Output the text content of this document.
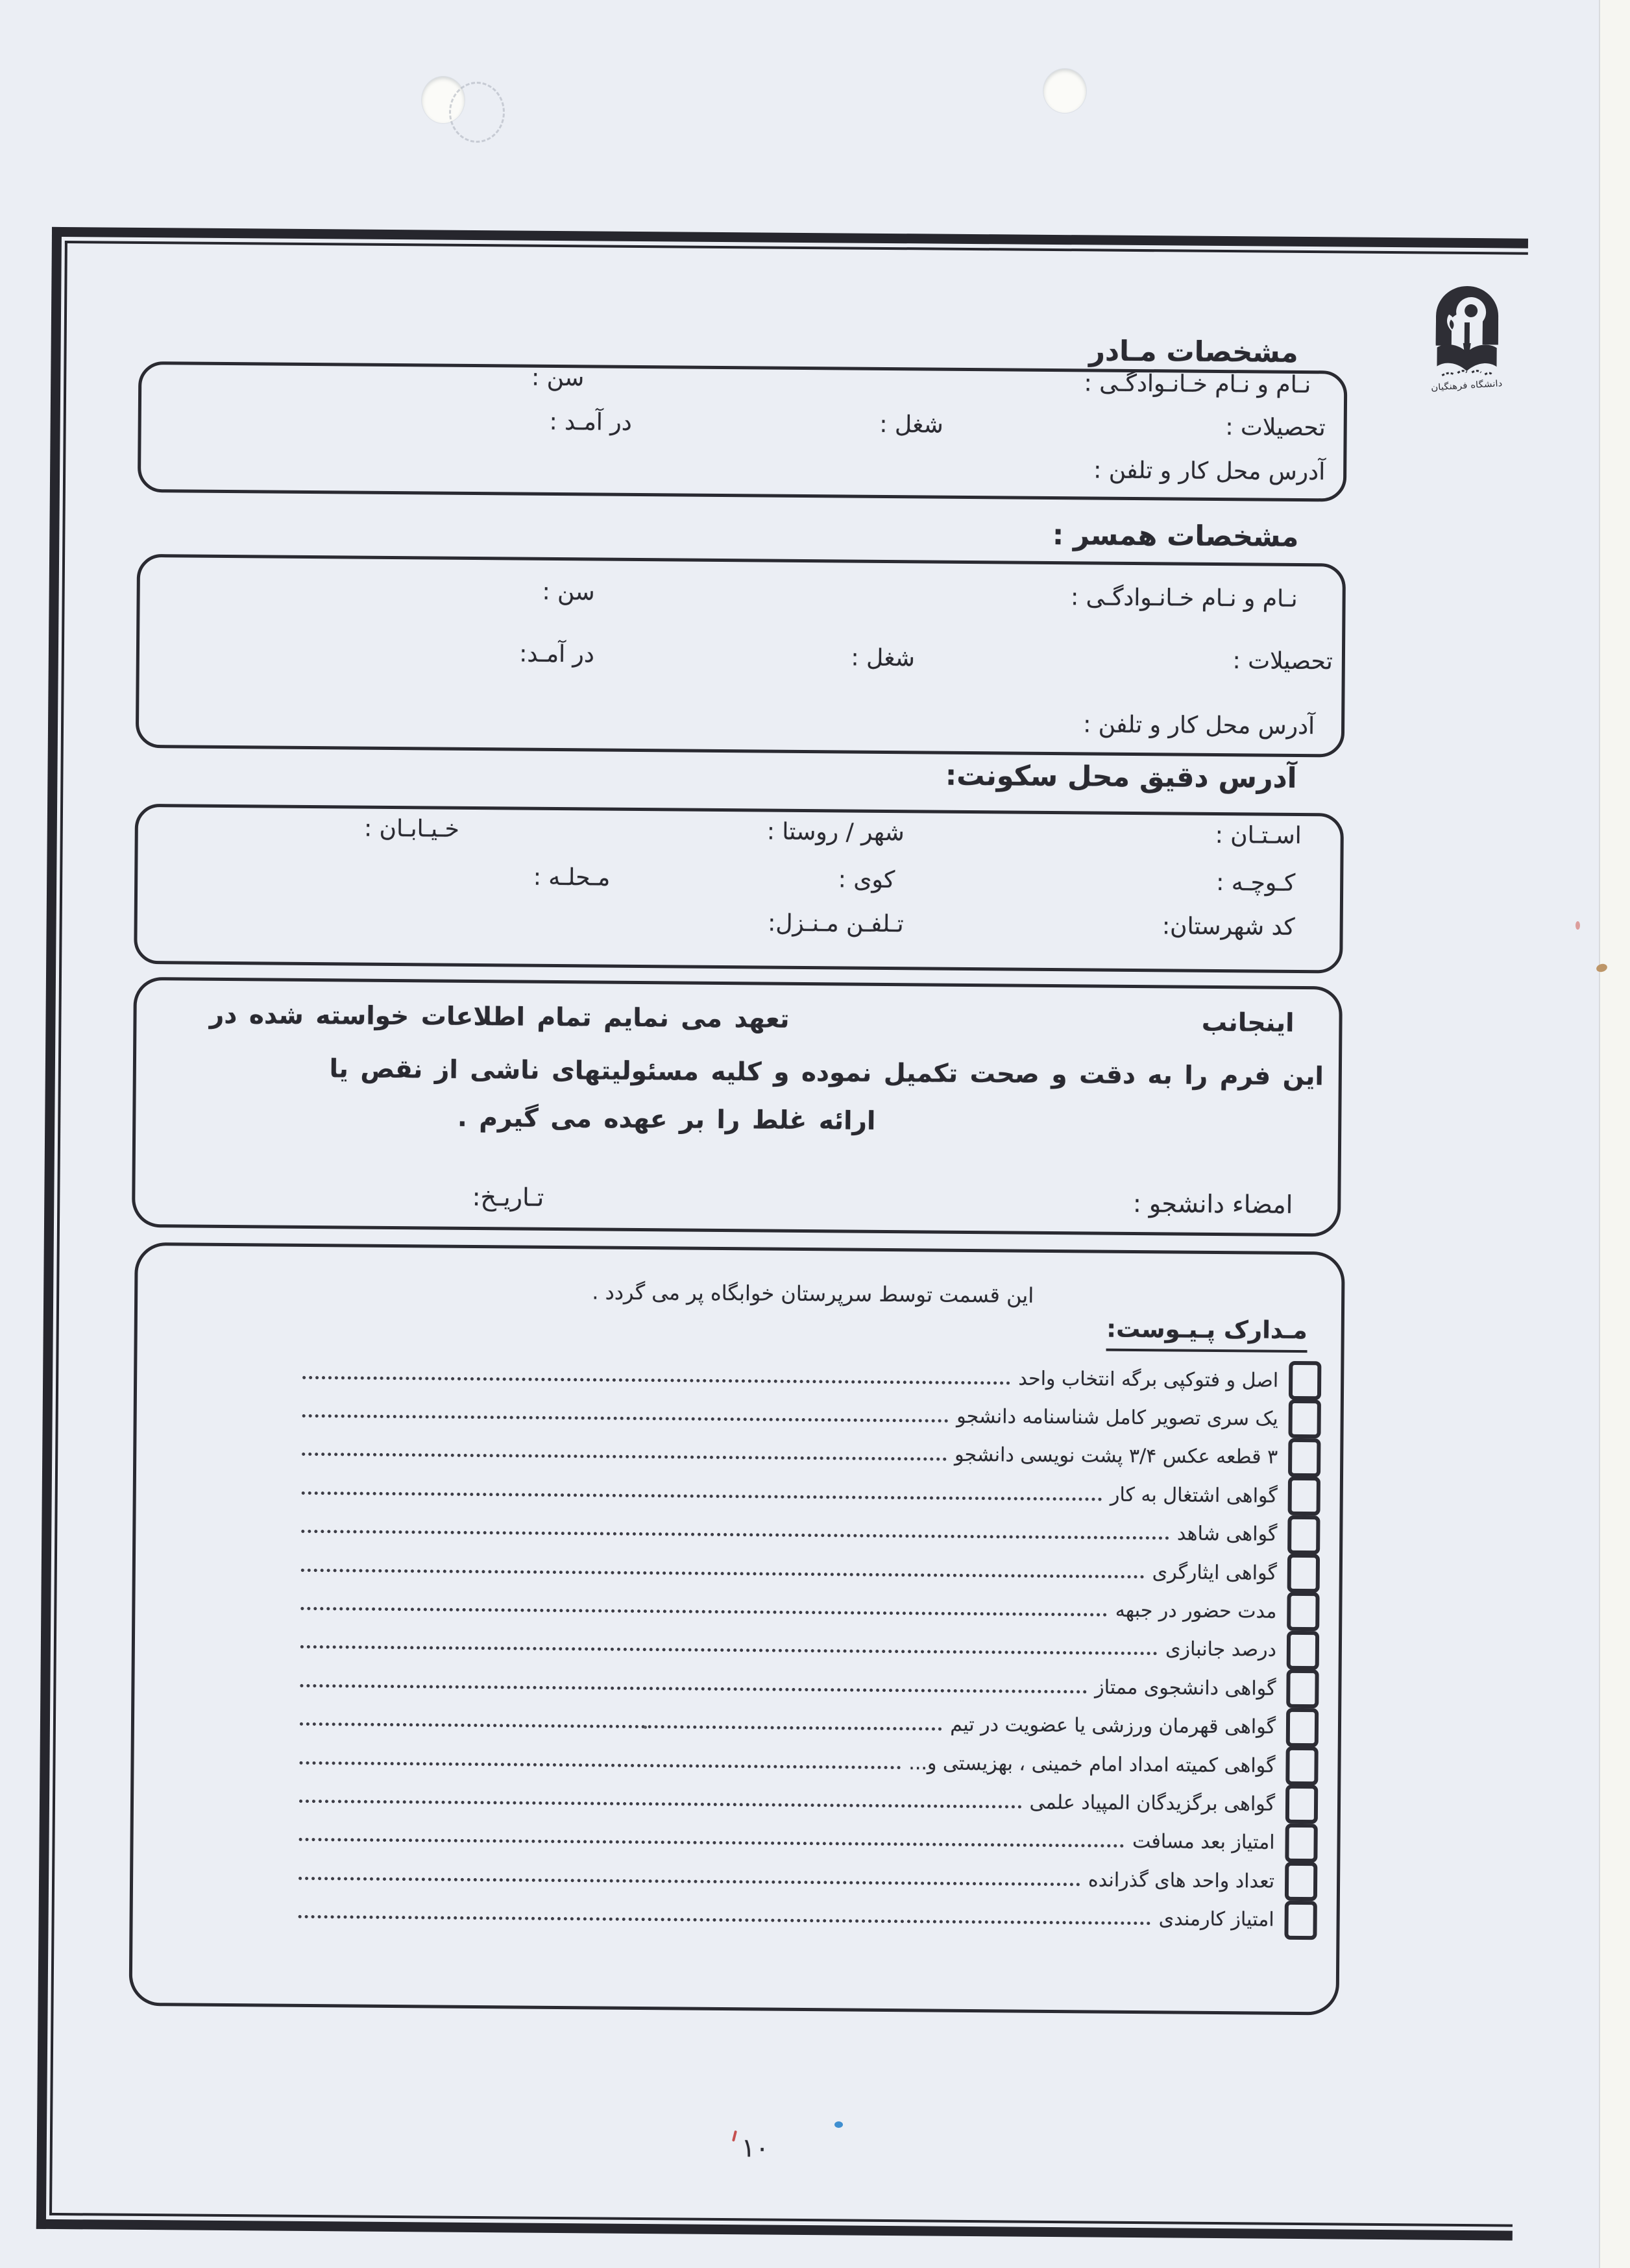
دانشگاه فرهنگیان
مشخصات مـادر
نـام و نـام خـانـوادگـی :
سن :
تحصیلات :
شغل :
در آمـد :
آدرس محل کار و تلفن :
مشخصات همسر :
نـام و نـام خـانـوادگـی :
سن :
تحصیلات :
شغل :
در آمـد:
آدرس محل کار و تلفن :
آدرس دقیق محل سکونت:
اسـتـان :
شهر / روستا :
خـیـابـان :
کـوچـه :
کوی :
مـحلـه :
کد شهرستان:
تـلفـن مـنـزل:
اینجانب
تعهد می نمایم تمام اطلاعات خواسته شده در
این فرم را به دقت و صحت تکمیل نموده و کلیه مسئولیتهای ناشی از نقص یا
ارائه غلط را بر عهده می گیرم .
امضاء دانشجو :
تـاریـخ:
این قسمت توسط سرپرستان خوابگاه پر می گردد .
مـدارک پـیـوست:
اصل و فتوکپی برگه انتخاب واحد
یک سری تصویر کامل شناسنامه دانشجو
۳ قطعه عکس ۳/۴ پشت نویسی دانشجو
گواهی اشتغال به کار
گواهی شاهد
گواهی ایثارگری
مدت حضور در جبهه
درصد جانبازی
گواهی دانشجوی ممتاز
گواهی قهرمان ورزشی یا عضویت در تیم
گواهی کمیته امداد امام خمینی ، بهزیستی و...
گواهی برگزیدگان المپیاد علمی
امتیاز بعد مسافت
تعداد واحد های گذرانده
امتیاز کارمندی
۱۰
